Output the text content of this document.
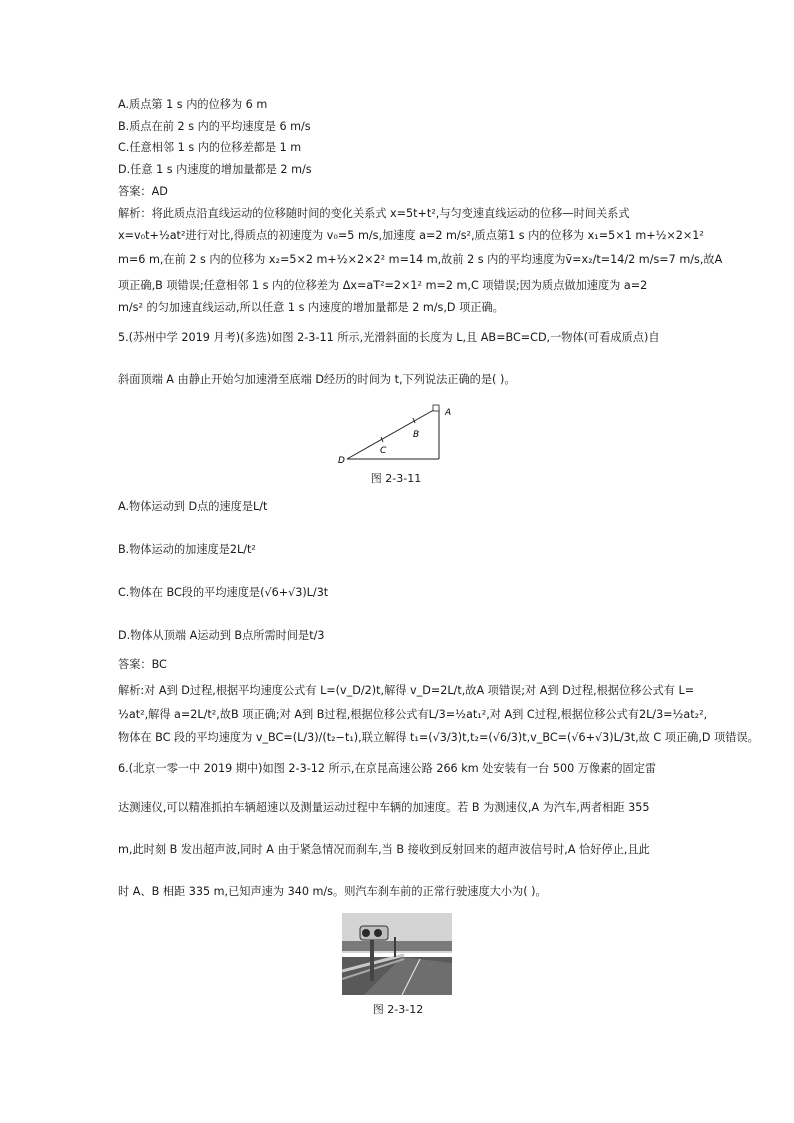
A.质点第 1 s 内的位移为 6 m
B.质点在前 2 s 内的平均速度是 6 m/s
C.任意相邻 1 s 内的位移差都是 1 m
D.任意 1 s 内速度的增加量都是 2 m/s
答案：AD
解析：将此质点沿直线运动的位移随时间的变化关系式 x=5t+t²,与匀变速直线运动的位移—时间关系式
x=v₀t+½at²进行对比,得质点的初速度为 v₀=5 m/s,加速度 a=2 m/s²,质点第1 s 内的位移为 x₁=5×1 m+½×2×1²
m=6 m,在前 2 s 内的位移为 x₂=5×2 m+½×2×2² m=14 m,故前 2 s 内的平均速度为v̄=x₂/t=14/2 m/s=7 m/s,故A
项正确,B 项错误;任意相邻 1 s 内的位移差为 Δx=aT²=2×1² m=2 m,C 项错误;因为质点做加速度为 a=2
m/s² 的匀加速直线运动,所以任意 1 s 内速度的增加量都是 2 m/s,D 项正确。
5.(苏州中学 2019 月考)(多选)如图 2-3-11 所示,光滑斜面的长度为 L,且 AB=BC=CD,一物体(可看成质点)自
斜面顶端 A 由静止开始匀加速滑至底端 D经历的时间为 t,下列说法正确的是( )。
A
B
C
D
图 2-3-11
A.物体运动到 D点的速度是L/t
B.物体运动的加速度是2L/t²
C.物体在 BC段的平均速度是(√6+√3)L/3t
D.物体从顶端 A运动到 B点所需时间是t/3
答案：BC
解析:对 A到 D过程,根据平均速度公式有 L=(v_D/2)t,解得 v_D=2L/t,故A 项错误;对 A到 D过程,根据位移公式有 L=
½at²,解得 a=2L/t²,故B 项正确;对 A到 B过程,根据位移公式有L/3=½at₁²,对 A到 C过程,根据位移公式有2L/3=½at₂²,
物体在 BC 段的平均速度为 v_BC=(L/3)/(t₂−t₁),联立解得 t₁=(√3/3)t,t₂=(√6/3)t,v_BC=(√6+√3)L/3t,故 C 项正确,D 项错误。
6.(北京一零一中 2019 期中)如图 2-3-12 所示,在京昆高速公路 266 km 处安装有一台 500 万像素的固定雷
达测速仪,可以精准抓拍车辆超速以及测量运动过程中车辆的加速度。若 B 为测速仪,A 为汽车,两者相距 355
m,此时刻 B 发出超声波,同时 A 由于紧急情况而刹车,当 B 接收到反射回来的超声波信号时,A 恰好停止,且此
时 A、B 相距 335 m,已知声速为 340 m/s。则汽车刹车前的正常行驶速度大小为( )。
图 2-3-12
